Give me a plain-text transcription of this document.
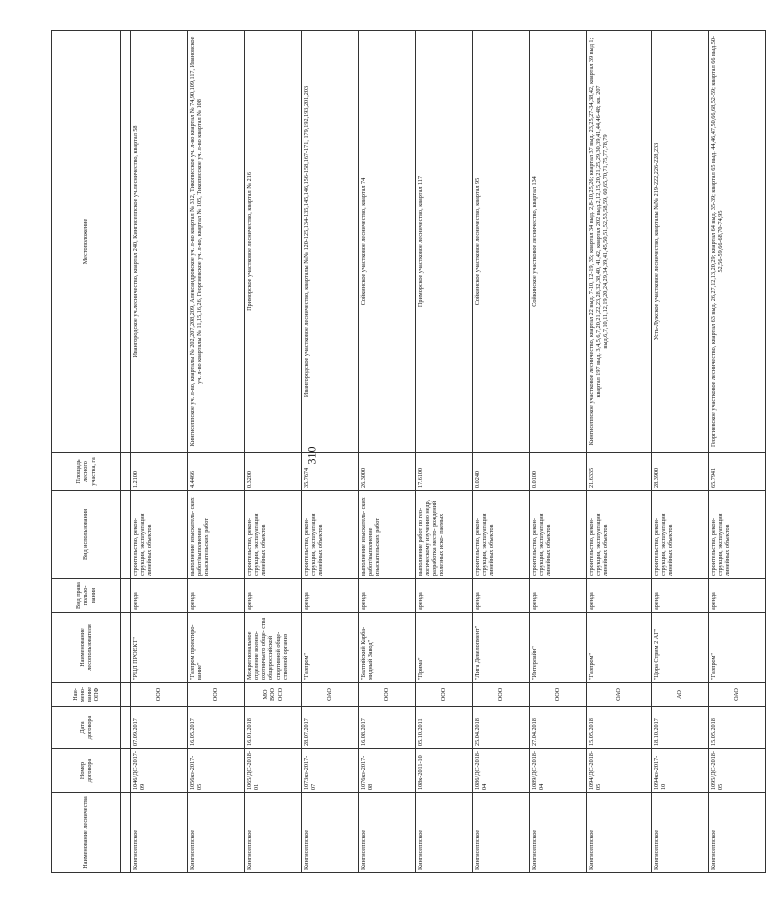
Наименование лесничества	Номер договора	Дата договора	Наи- мено- вание ОПФ	Наименование лесопользователя	Вид права пользо- вания	Вид использования	Площадь лесного участка, га	Местоположение

Кингисеппское	1046/ДС-2017-09	07.09.2017	ООО	"РЦЛ ПРОЕКТ"	аренда	строительство, рекон- струкция, эксплуатация линейных объектов	1.2100	Ивангородское уч.лесничество, квартал 240, Кингисеппское уч.лесничество, квартал 58
Кингисеппское	1056кз-2017-05	16.05.2017	ООО	"Газпром проектиро- вание"	аренда	выполнение изыскатель- ских работ/выполнение изыскательских работ	4.4466	Кингисеппское уч. л-во, кварталы № 202,207,208,209, Александровское уч. л-во квартал № 312, Тикописское уч. л-во квартал № 74,90,109,117, Ивановское уч. л-во кварталы № 11,15,16,26, Георгиевское уч. л-во, квартал № 105, Тикописское уч. л-во квартал № 108
Кингисеппское	1065/ДС-2018-01	16.01.2018	МО ВОО ОСО	Межрегиональное отделение военно- охотничьего обще- ства общероссийской спортивной обще- ственной организ	аренда	строительство, рекон- струкция, эксплуатация линейных объектов	0.3200	Приморское участковое лесничество, квартал № 216
Кингисеппское	1073кз-2017-07	28.07.2017	ОАО	"Газпром"	аренда	строительство, рекон- струкция, эксплуатация линейных объектов	35.7674	Ивангородское участковое лесничество, кварталы №№ 120-125,134-135,145,146,156-158,167-171, 179,192,193,201,203
Кингисеппское	1076кз-2017-08	16.08.2017	ООО	"Балтийский Карба- мидный Завод"	аренда	выполнение изыскатель- ских работ/выполнение изыскательских работ	26.3000	Сойкинское участковое лесничество, квартал 74
Кингисеппское	108к-2011-10	05.10.2011	ООО	"Прима"	аренда	выполнение работ по гео- логическому изучению недр, разработка место- рождений полезных иско- паемых	17.6100	Приморское участковое лесничество, квартал 117
Кингисеппское	1086/ДС-2018-04	25.04.2018	ООО	"Лига Девелопмент"	аренда	строительство, рекон- струкция, эксплуатация линейных объектов	0.0240	Сойкинское участковое лесничество, квартал 95
Кингисеппское	1089/ДС-2018-04	27.04.2018	ООО	"Интерлайн"	аренда	строительство, рекон- струкция, эксплуатация линейных объектов	0.0100	Сойкинское участковое лесничество, квартал 134
Кингисеппское	1094/ДС-2018-05	15.05.2018	ОАО	"Газпром"	аренда	строительство, рекон- струкция, эксплуатация линейных объектов	21.6335	Кингисеппское участковое лесничество, квартал 22 выд. 7-10, 12-19, 35; квартал 34 выд. 2,8-10,25,26; квартал 37 выд. 23,25,27-34,38,42, квартал 39 выд 1; квартал 197 выд. 3,4,5,6,7,20,21,22,23,28,32,38,40, 41,42, квартал 202 выд.2,12,15,20,21,25,29,30,39,41,44,46-48; кв. 207 выд.6,7,10,11,12,19,20,24,29,34,39,41,45,50,51,52,53,58,59, 60,65,70,71,75,77,78,79
Кингисеппское	1094кз-2017-10	18.10.2017	АО	"Цора Стрим 2 АГ"	аренда	строительство, рекон- струкция, эксплуатация линейных объектов	28.3900	Усть-Лужское участковое лесничество, кварталы №№ 219-222,226-228,233
Кингисеппское	1095/ДС-2018-05	15.05.2018	ОАО	"Газпром"	аренда	строительство, рекон- струкция, эксплуатация линейных объектов	65.7941	Георгиевское участковое лесничество, квартал 63 выд. 26,27,12,13,20,29; квартал 64 выд. 35-39; квартал 65 выд. 44,46,47,50,66,68,52-59; квартал 66 выд.50-52,56-59,66-68,70-74,95
310
